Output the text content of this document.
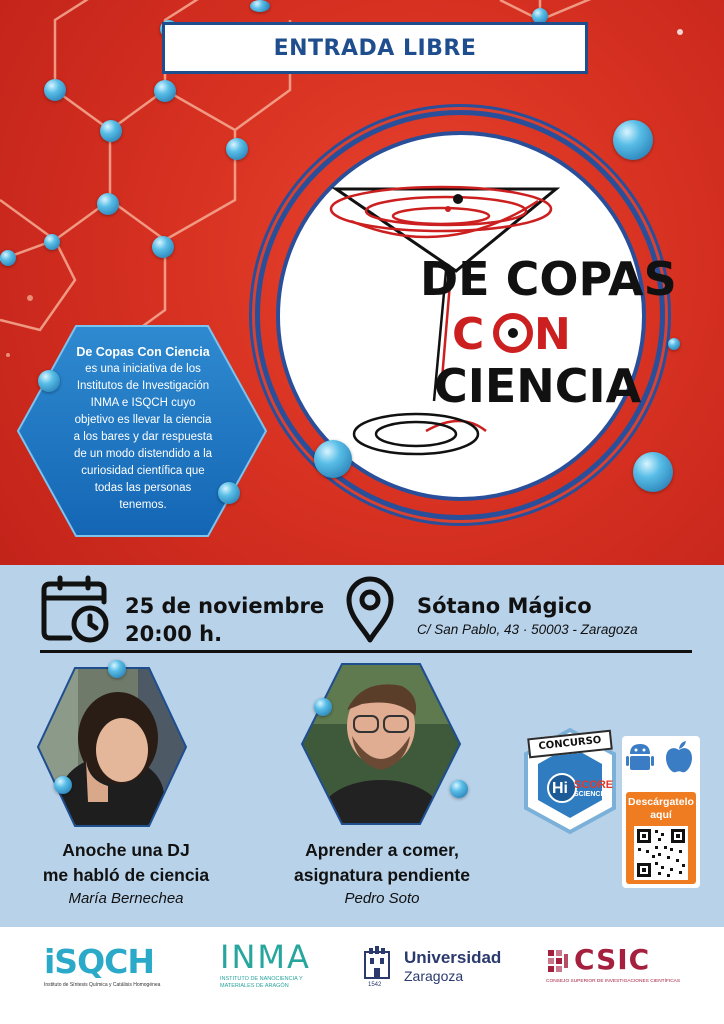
ENTRADA LIBRE
DE COPAS
C N
CIENCIA
De Copas Con Ciencia
es una iniciativa de los Institutos de Investigación INMA e ISQCH cuyo objetivo es llevar la ciencia a los bares y dar respuesta de un modo distendido a la curiosidad científica que todas las personas tenemos.
25 de noviembre
20:00 h.
Sótano Mágico
C/ San Pablo, 43 · 50003 - Zaragoza
Anoche una DJ
me habló de ciencia
María Bernechea
Aprender a comer,
asignatura pendiente
Pedro Soto
CONCURSO
Hi SCORE
SCIENCE
Descárgatelo
aquí
iSQCH
Instituto de Síntesis Química y Catálisis Homogénea
INMA
INSTITUTO DE NANOCIENCIA Y MATERIALES DE ARAGÓN	1542
Universidad
Zaragoza	CSIC
CONSEJO SUPERIOR DE INVESTIGACIONES CIENTÍFICAS
